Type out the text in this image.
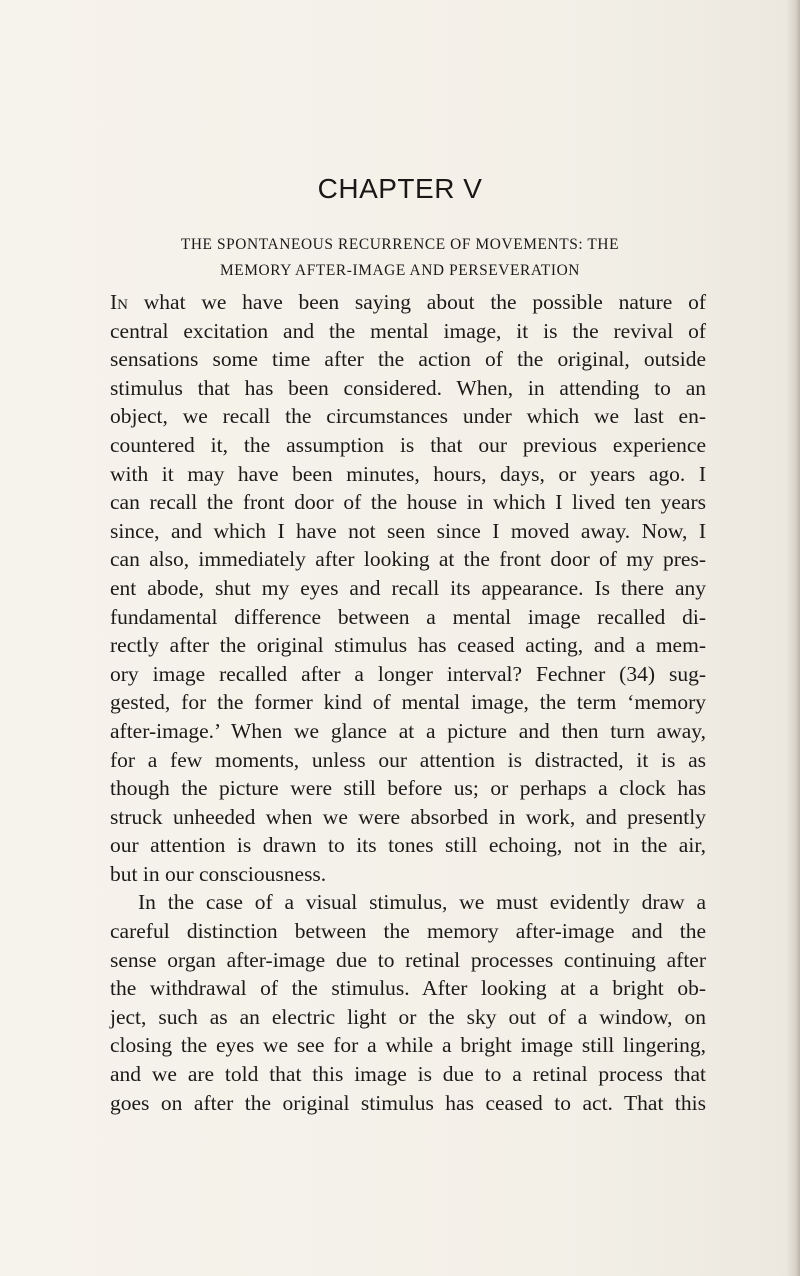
CHAPTER V
THE SPONTANEOUS RECURRENCE OF MOVEMENTS: THE
MEMORY AFTER-IMAGE AND PERSEVERATION
In what we have been saying about the possible nature of
central excitation and the mental image, it is the revival of
sensations some time after the action of the original, outside
stimulus that has been considered. When, in attending to an
object, we recall the circumstances under which we last en-
countered it, the assumption is that our previous experience
with it may have been minutes, hours, days, or years ago. I
can recall the front door of the house in which I lived ten years
since, and which I have not seen since I moved away. Now, I
can also, immediately after looking at the front door of my pres-
ent abode, shut my eyes and recall its appearance. Is there any
fundamental difference between a mental image recalled di-
rectly after the original stimulus has ceased acting, and a mem-
ory image recalled after a longer interval? Fechner (34) sug-
gested, for the former kind of mental image, the term ‘memory
after-image.’ When we glance at a picture and then turn away,
for a few moments, unless our attention is distracted, it is as
though the picture were still before us; or perhaps a clock has
struck unheeded when we were absorbed in work, and presently
our attention is drawn to its tones still echoing, not in the air,
but in our consciousness.
In the case of a visual stimulus, we must evidently draw a
careful distinction between the memory after-image and the
sense organ after-image due to retinal processes continuing after
the withdrawal of the stimulus. After looking at a bright ob-
ject, such as an electric light or the sky out of a window, on
closing the eyes we see for a while a bright image still lingering,
and we are told that this image is due to a retinal process that
goes on after the original stimulus has ceased to act. That this
